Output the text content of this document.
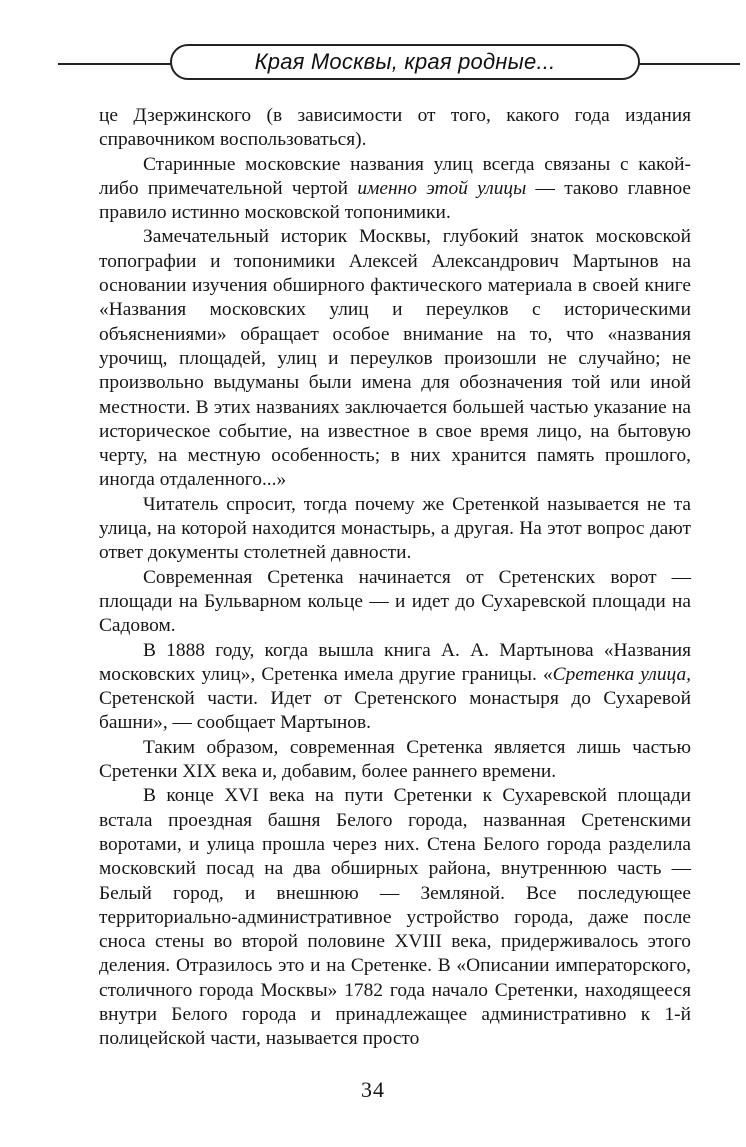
Края Москвы, края родные...

це Дзержинского (в зависимости от того, какого года издания справочником воспользоваться).

Старинные московские названия улиц всегда связаны с какой-либо примечательной чертой именно этой улицы — таково главное правило истинно московской топонимики.

Замечательный историк Москвы, глубокий знаток московской топографии и топонимики Алексей Александрович Мартынов на основании изучения обширного фактического материала в своей книге «Названия московских улиц и переулков с историческими объяснениями» обращает особое внимание на то, что «названия урочищ, площадей, улиц и переулков произошли не случайно; не произвольно выдуманы были имена для обозначения той или иной местности. В этих названиях заключается большей частью указание на историческое событие, на известное в свое время лицо, на бытовую черту, на местную особенность; в них хранится память прошлого, иногда отдаленного...»

Читатель спросит, тогда почему же Сретенкой называется не та улица, на которой находится монастырь, а другая. На этот вопрос дают ответ документы столетней давности.

Современная Сретенка начинается от Сретенских ворот — площади на Бульварном кольце — и идет до Сухаревской площади на Садовом.

В 1888 году, когда вышла книга А. А. Мартынова «Названия московских улиц», Сретенка имела другие границы. «Сретенка улица, Сретенской части. Идет от Сретенского монастыря до Сухаревой башни», — сообщает Мартынов.

Таким образом, современная Сретенка является лишь частью Сретенки XIX века и, добавим, более раннего времени.

В конце XVI века на пути Сретенки к Сухаревской площади встала проездная башня Белого города, названная Сретенскими воротами, и улица прошла через них. Стена Белого города разделила московский посад на два обширных района, внутреннюю часть — Белый город, и внешнюю — Земляной. Все последующее территориально-административное устройство города, даже после сноса стены во второй половине XVIII века, придерживалось этого деления. Отразилось это и на Сретенке. В «Описании императорского, столичного города Москвы» 1782 года начало Сретенки, находящееся внутри Белого города и принадлежащее административно к 1-й полицейской части, называется просто

34
